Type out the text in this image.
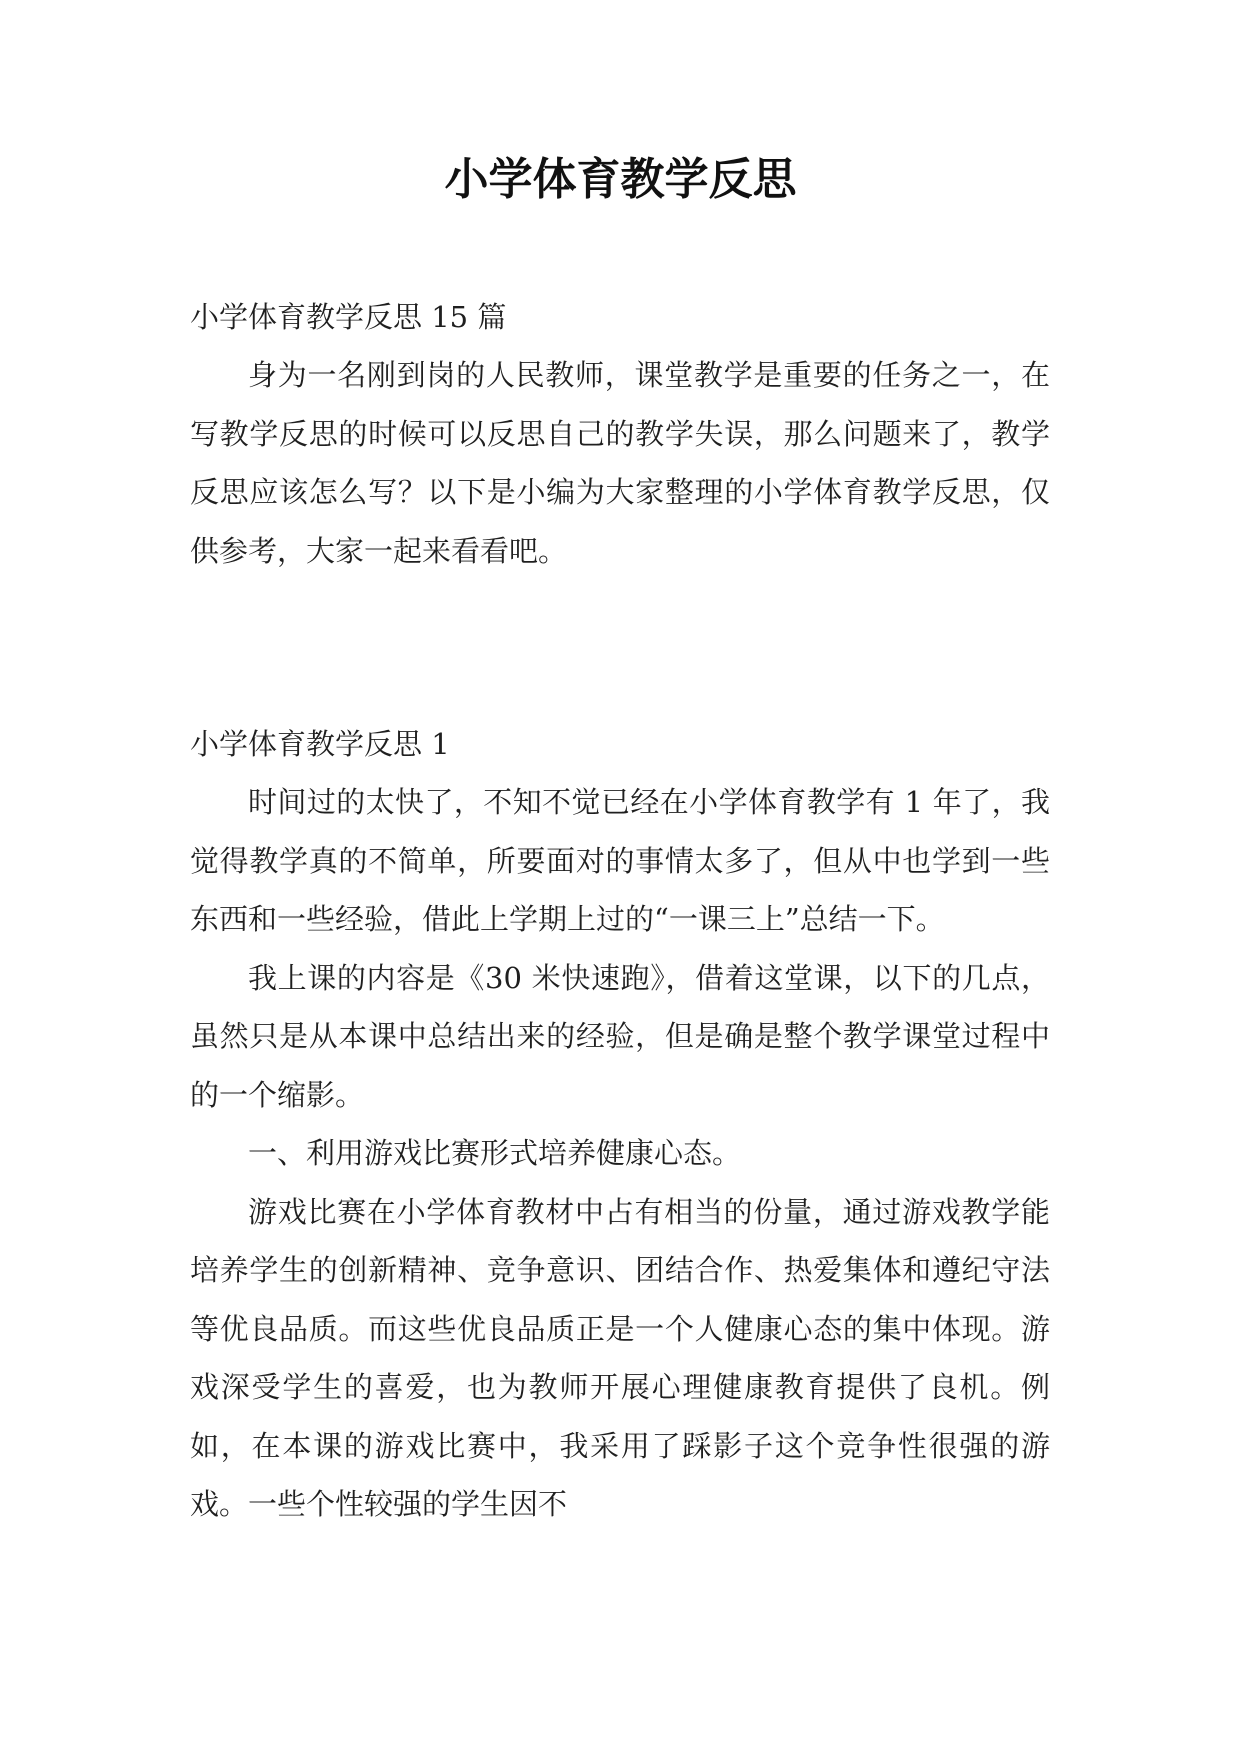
小学体育教学反思

小学体育教学反思 15 篇

身为一名刚到岗的人民教师，课堂教学是重要的任务之一，在写教学反思的时候可以反思自己的教学失误，那么问题来了，教学反思应该怎么写？以下是小编为大家整理的小学体育教学反思，仅供参考，大家一起来看看吧。

小学体育教学反思 1

时间过的太快了，不知不觉已经在小学体育教学有 1 年了，我觉得教学真的不简单，所要面对的事情太多了，但从中也学到一些东西和一些经验，借此上学期上过的“一课三上”总结一下。

我上课的内容是《30 米快速跑》，借着这堂课，以下的几点，虽然只是从本课中总结出来的经验，但是确是整个教学课堂过程中的一个缩影。

一、利用游戏比赛形式培养健康心态。

游戏比赛在小学体育教材中占有相当的份量，通过游戏教学能培养学生的创新精神、竞争意识、团结合作、热爱集体和遵纪守法等优良品质。而这些优良品质正是一个人健康心态的集中体现。游戏深受学生的喜爱，也为教师开展心理健康教育提供了良机。例如，在本课的游戏比赛中，我采用了踩影子这个竞争性很强的游戏。一些个性较强的学生因不
